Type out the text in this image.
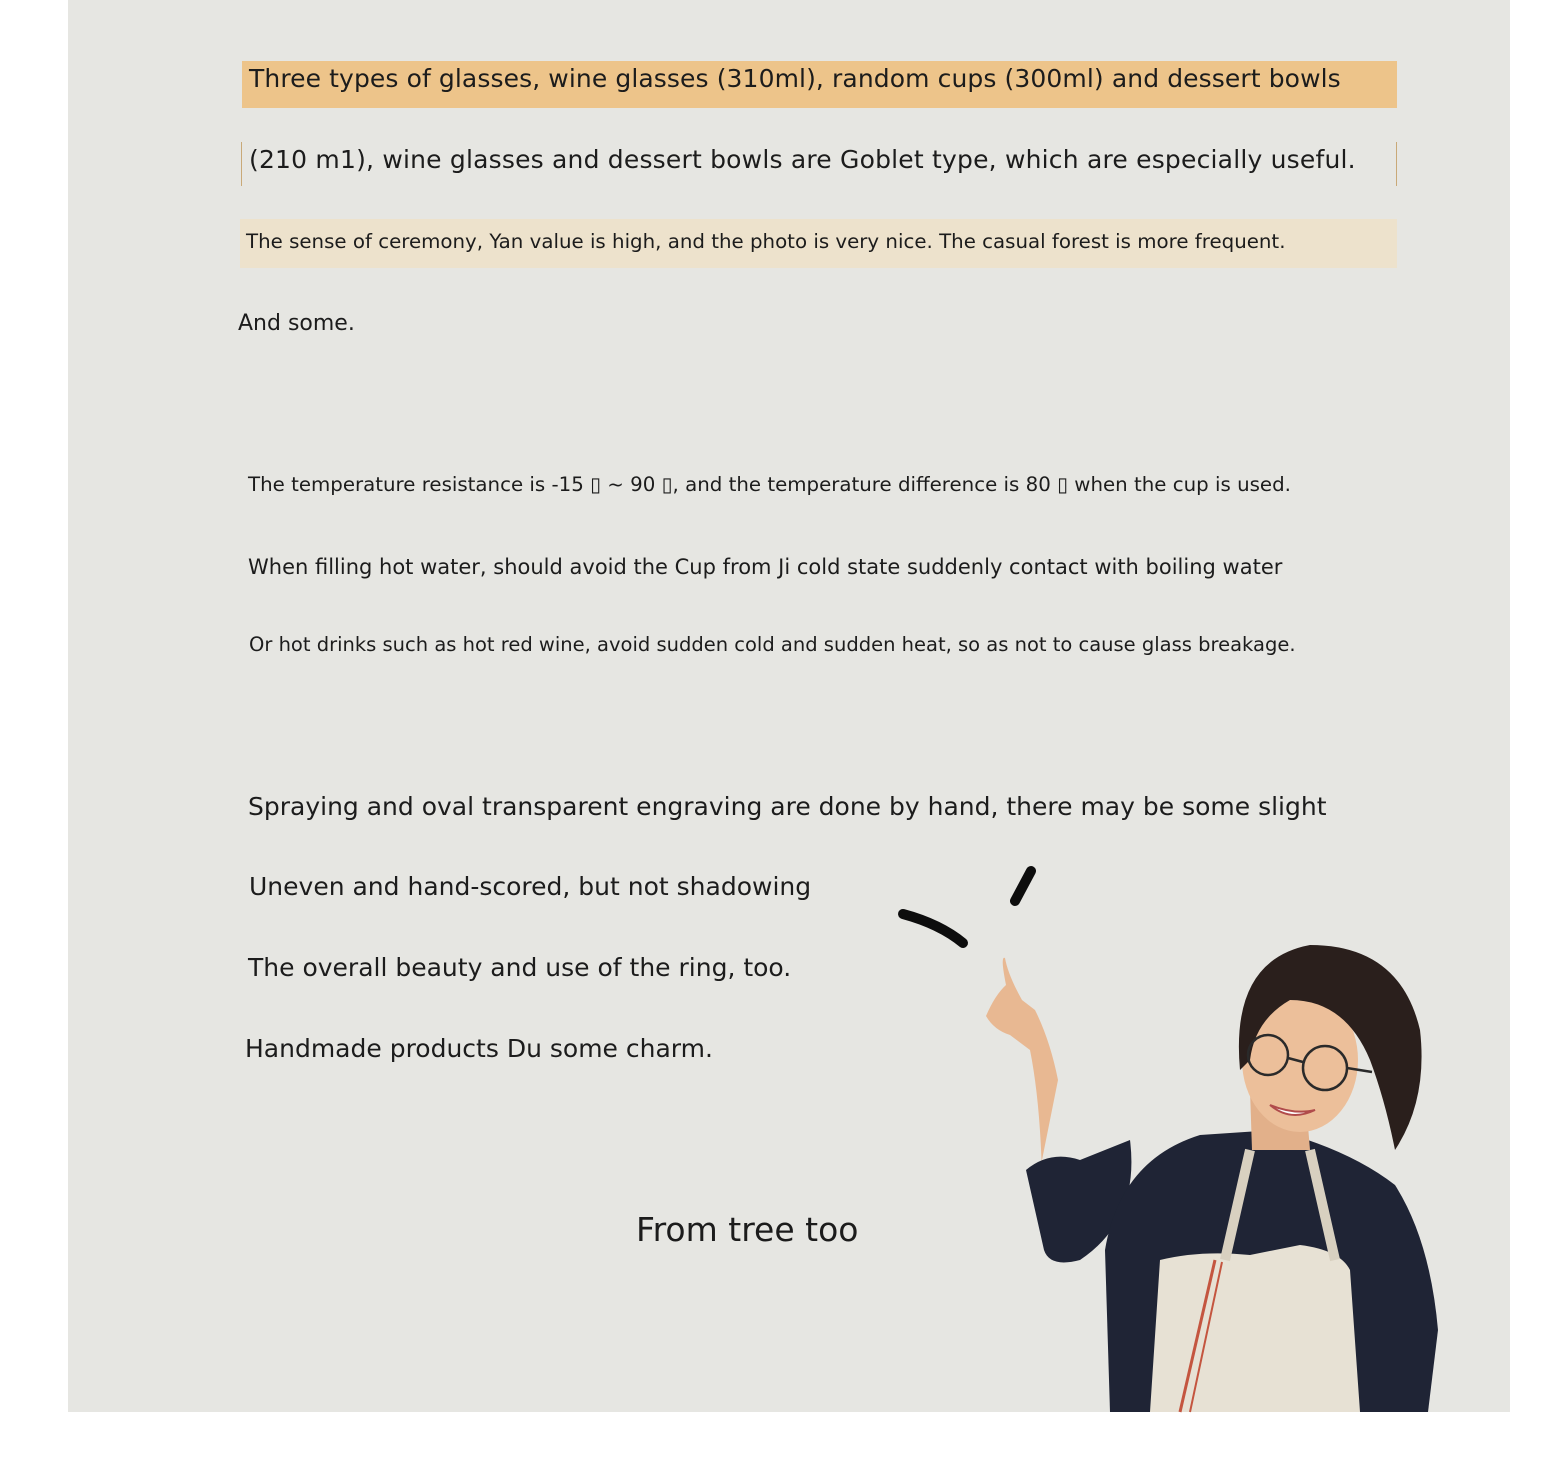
Three types of glasses, wine glasses (310ml), random cups (300ml) and dessert bowls
(210 m1), wine glasses and dessert bowls are Goblet type, which are especially useful.
The sense of ceremony, Yan value is high, and the photo is very nice. The casual forest is more frequent.
And some.
The temperature resistance is -15 ▯ ~ 90 ▯, and the temperature difference is 80 ▯ when the cup is used.
When filling hot water, should avoid the Cup from Ji cold state suddenly contact with boiling water
Or hot drinks such as hot red wine, avoid sudden cold and sudden heat, so as not to cause glass breakage.
Spraying and oval transparent engraving are done by hand, there may be some slight
Uneven and hand-scored, but not shadowing
The overall beauty and use of the ring, too.
Handmade products Du some charm.
From tree too
